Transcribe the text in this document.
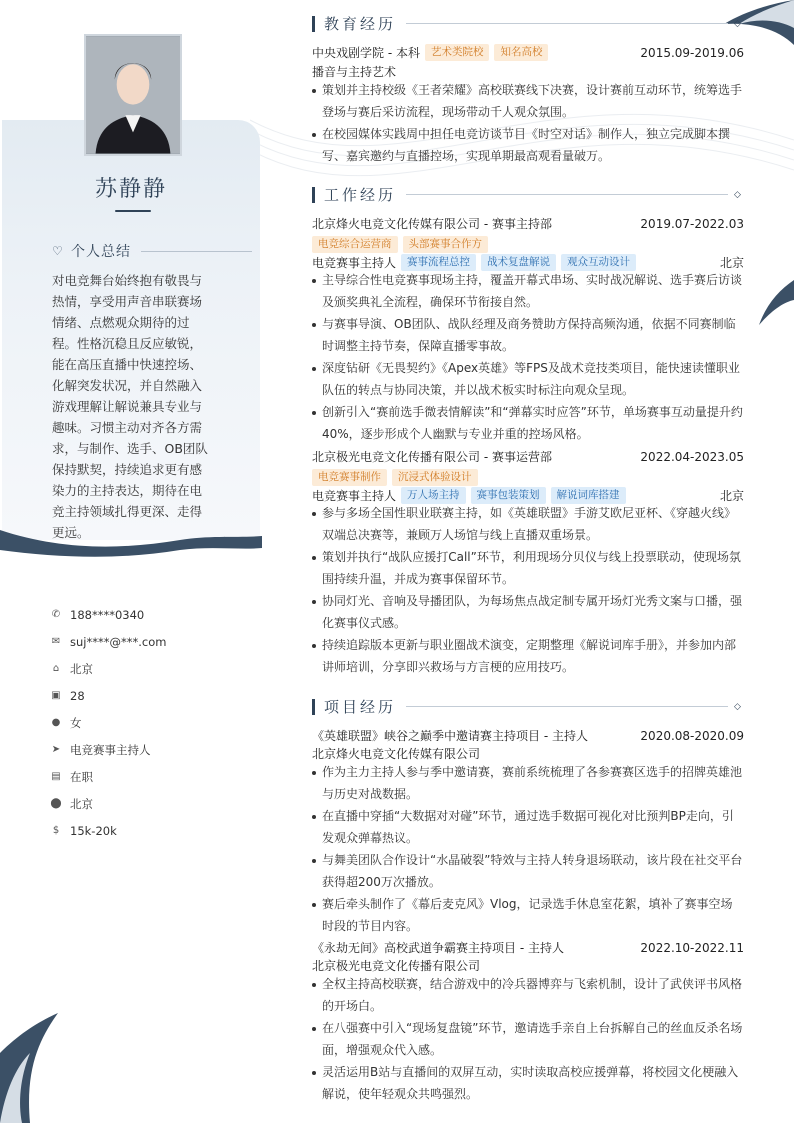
苏静静
♡ 个人总结
对电竞舞台始终抱有敬畏与热情，享受用声音串联赛场情绪、点燃观众期待的过程。性格沉稳且反应敏锐，能在高压直播中快速控场、化解突发状况，并自然融入游戏理解让解说兼具专业与趣味。习惯主动对齐各方需求，与制作、选手、OB团队保持默契，持续追求更有感染力的主持表达，期待在电竞主持领域扎得更深、走得更远。
✆ 188****0340
✉ suj****@***.com
⌂ 北京
▣ 28
● 女
➤ 电竞赛事主持人
▤ 在职
⬤ 北京
$ 15k-20k
教育经历	◇
中央戏剧学院 - 本科	艺术类院校	知名高校	2015.09-2019.06
播音与主持艺术
策划并主持校级《王者荣耀》高校联赛线下决赛，设计赛前互动环节，统筹选手登场与赛后采访流程，现场带动千人观众氛围。
在校园媒体实践周中担任电竞访谈节目《时空对话》制作人，独立完成脚本撰写、嘉宾邀约与直播控场，实现单期最高观看量破万。
工作经历	◇
北京烽火电竞文化传媒有限公司 - 赛事主持部	2019.07-2022.03
电竞综合运营商	头部赛事合作方
电竞赛事主持人	赛事流程总控	战术复盘解说	观众互动设计	北京
主导综合性电竞赛事现场主持，覆盖开幕式串场、实时战况解说、选手赛后访谈及颁奖典礼全流程，确保环节衔接自然。
与赛事导演、OB团队、战队经理及商务赞助方保持高频沟通，依据不同赛制临时调整主持节奏，保障直播零事故。
深度钻研《无畏契约》《Apex英雄》等FPS及战术竞技类项目，能快速读懂职业队伍的转点与协同决策，并以战术板实时标注向观众呈现。
创新引入“赛前选手微表情解读”和“弹幕实时应答”环节，单场赛事互动量提升约40%，逐步形成个人幽默与专业并重的控场风格。
北京极光电竞文化传播有限公司 - 赛事运营部	2022.04-2023.05
电竞赛事制作	沉浸式体验设计
电竞赛事主持人	万人场主持	赛事包装策划	解说词库搭建	北京
参与多场全国性职业联赛主持，如《英雄联盟》手游艾欧尼亚杯、《穿越火线》双端总决赛等，兼顾万人场馆与线上直播双重场景。
策划并执行“战队应援打Call”环节，利用现场分贝仪与线上投票联动，使现场氛围持续升温，并成为赛事保留环节。
协同灯光、音响及导播团队，为每场焦点战定制专属开场灯光秀文案与口播，强化赛事仪式感。
持续追踪版本更新与职业圈战术演变，定期整理《解说词库手册》，并参加内部讲师培训，分享即兴救场与方言梗的应用技巧。
项目经历	◇
《英雄联盟》峡谷之巅季中邀请赛主持项目 - 主持人	2020.08-2020.09
北京烽火电竞文化传媒有限公司
作为主力主持人参与季中邀请赛，赛前系统梳理了各参赛赛区选手的招牌英雄池与历史对战数据。
在直播中穿插“大数据对对碰”环节，通过选手数据可视化对比预判BP走向，引发观众弹幕热议。
与舞美团队合作设计“水晶破裂”特效与主持人转身退场联动，该片段在社交平台获得超200万次播放。
赛后牵头制作了《幕后麦克风》Vlog，记录选手休息室花絮，填补了赛事空场时段的节目内容。
《永劫无间》高校武道争霸赛主持项目 - 主持人	2022.10-2022.11
北京极光电竞文化传播有限公司
全权主持高校联赛，结合游戏中的冷兵器博弈与飞索机制，设计了武侠评书风格的开场白。
在八强赛中引入“现场复盘镜”环节，邀请选手亲自上台拆解自己的丝血反杀名场面，增强观众代入感。
灵活运用B站与直播间的双屏互动，实时读取高校应援弹幕，将校园文化梗融入解说，使年轻观众共鸣强烈。
